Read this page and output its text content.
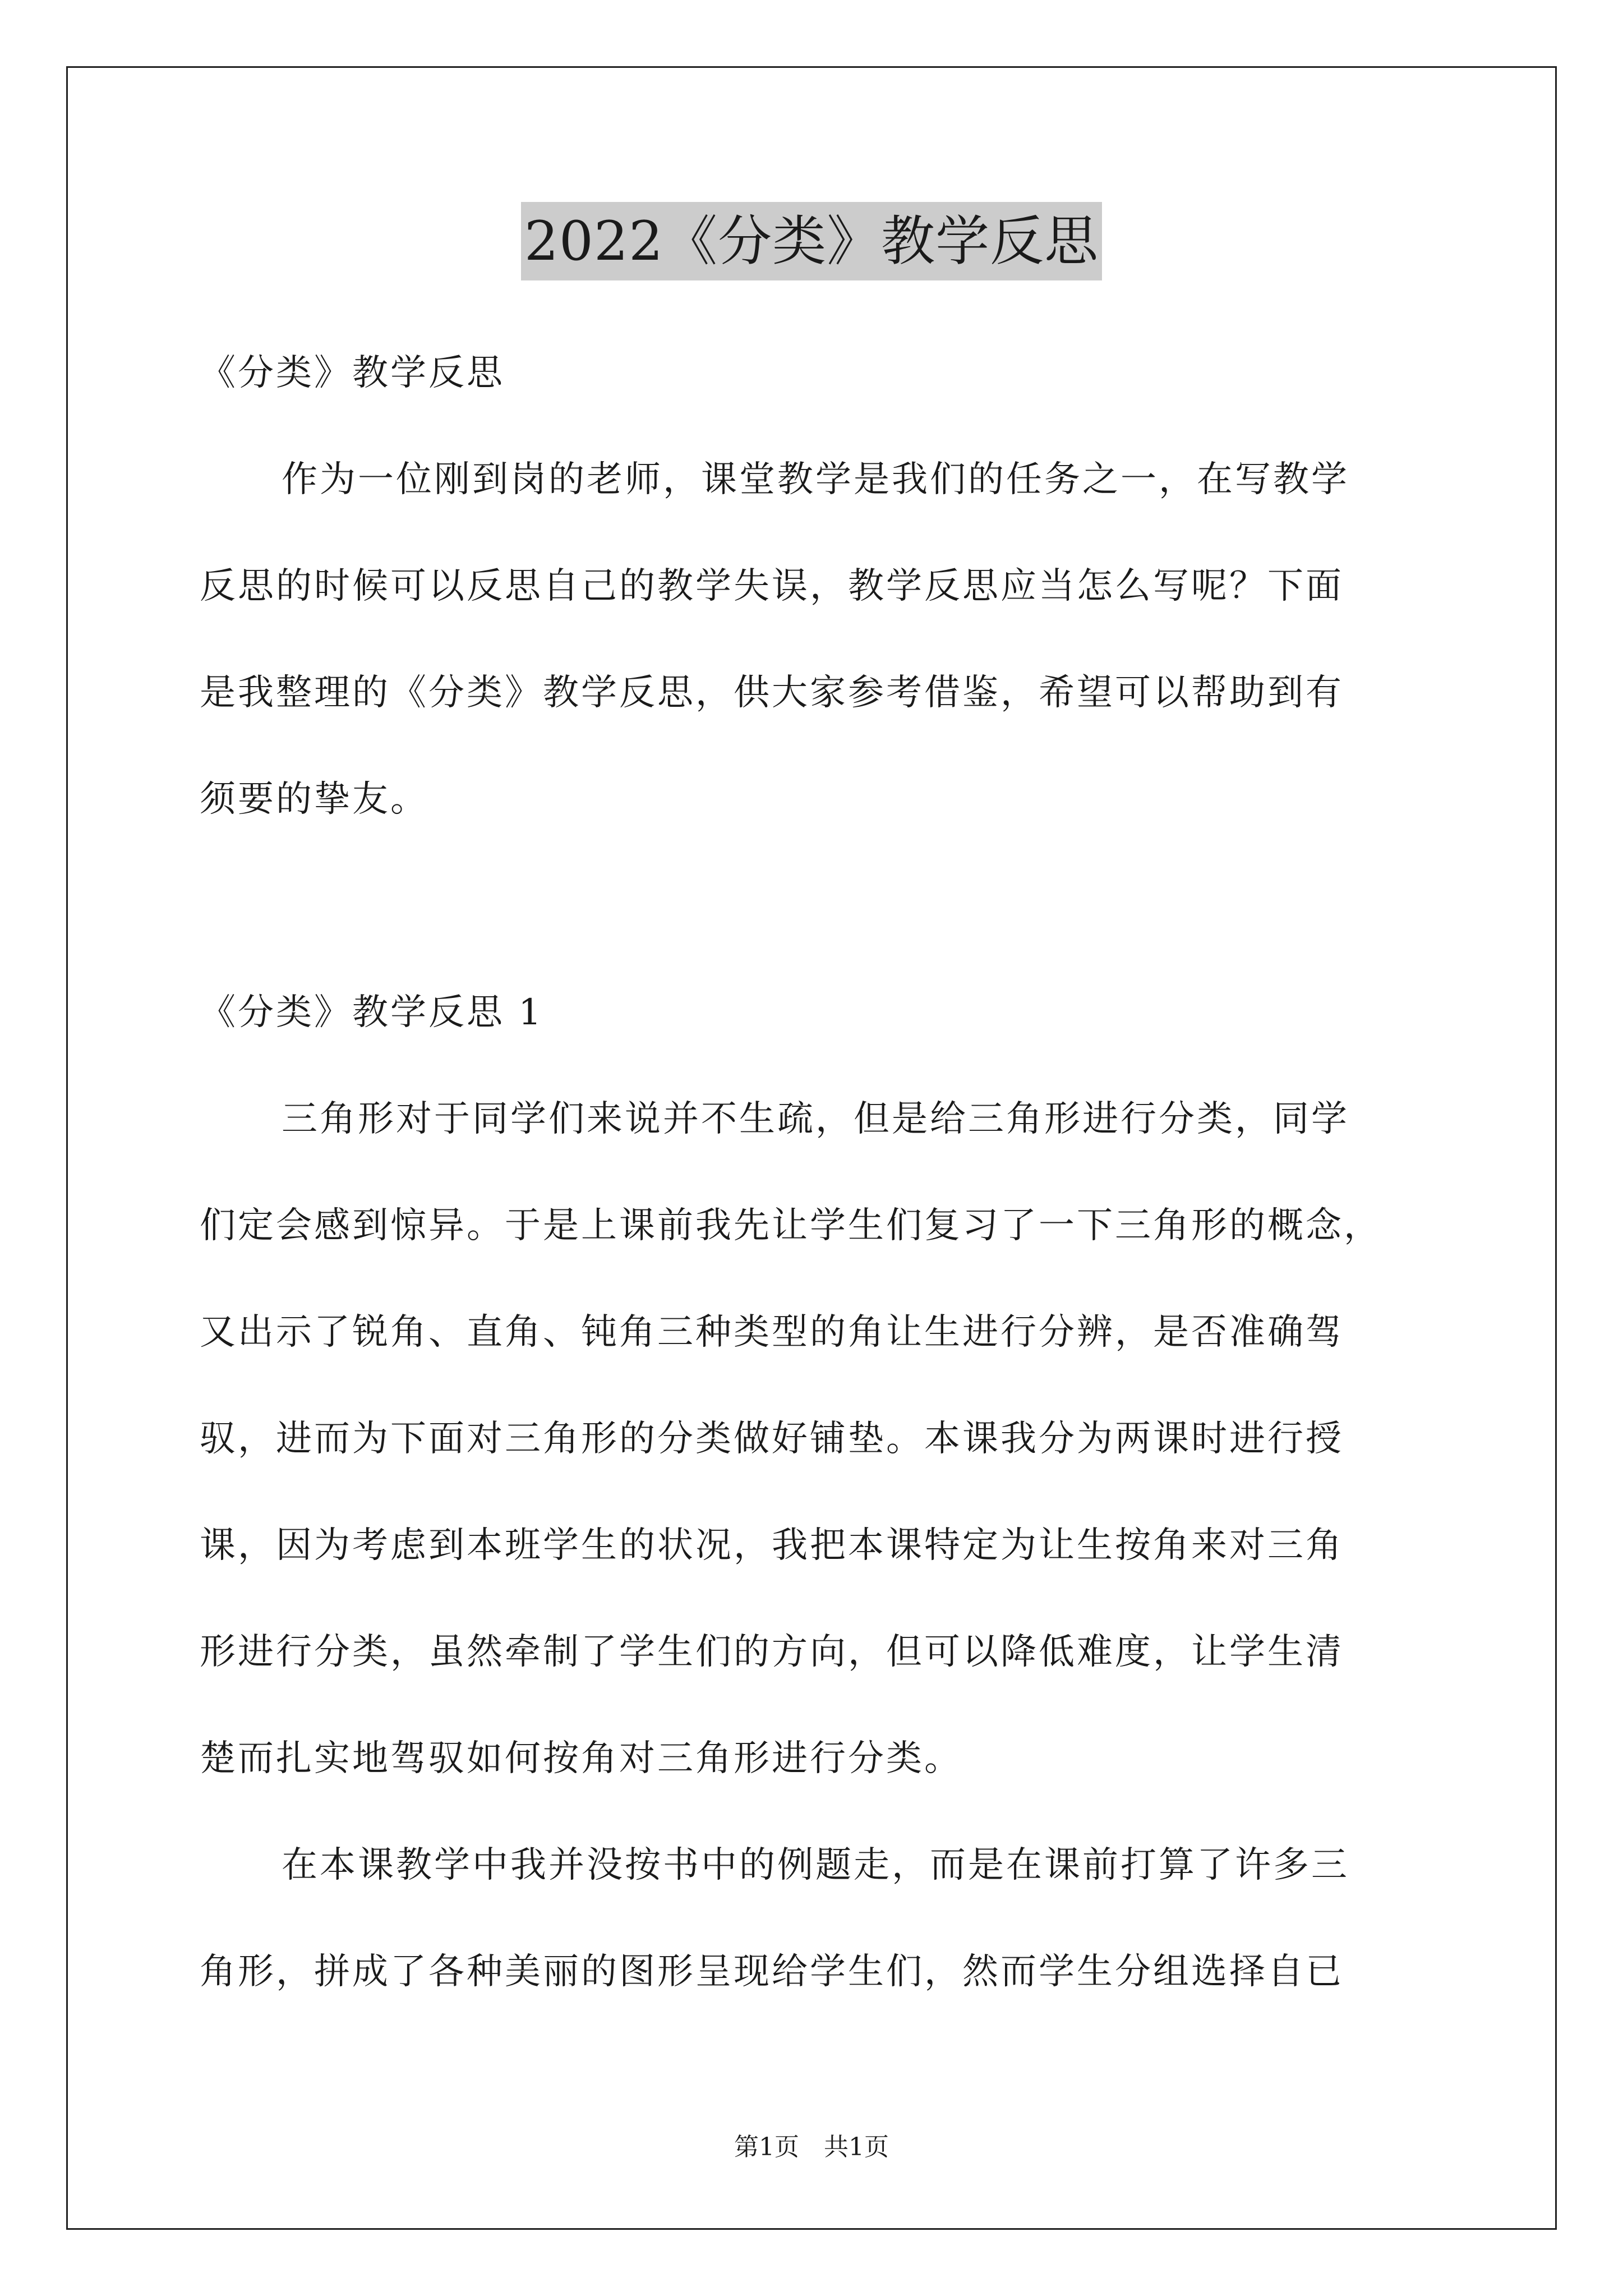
2022《分类》教学反思
《分类》教学反思
作为一位刚到岗的老师，课堂教学是我们的任务之一，在写教学
反思的时候可以反思自己的教学失误，教学反思应当怎么写呢？下面
是我整理的《分类》教学反思，供大家参考借鉴，希望可以帮助到有
须要的挚友。
《分类》教学反思 1
三角形对于同学们来说并不生疏，但是给三角形进行分类，同学
们定会感到惊异。于是上课前我先让学生们复习了一下三角形的概念，
又出示了锐角、直角、钝角三种类型的角让生进行分辨，是否准确驾
驭，进而为下面对三角形的分类做好铺垫。本课我分为两课时进行授
课，因为考虑到本班学生的状况，我把本课特定为让生按角来对三角
形进行分类，虽然牵制了学生们的方向，但可以降低难度，让学生清
楚而扎实地驾驭如何按角对三角形进行分类。
在本课教学中我并没按书中的例题走，而是在课前打算了许多三
角形，拼成了各种美丽的图形呈现给学生们，然而学生分组选择自已
第1页 共1页
